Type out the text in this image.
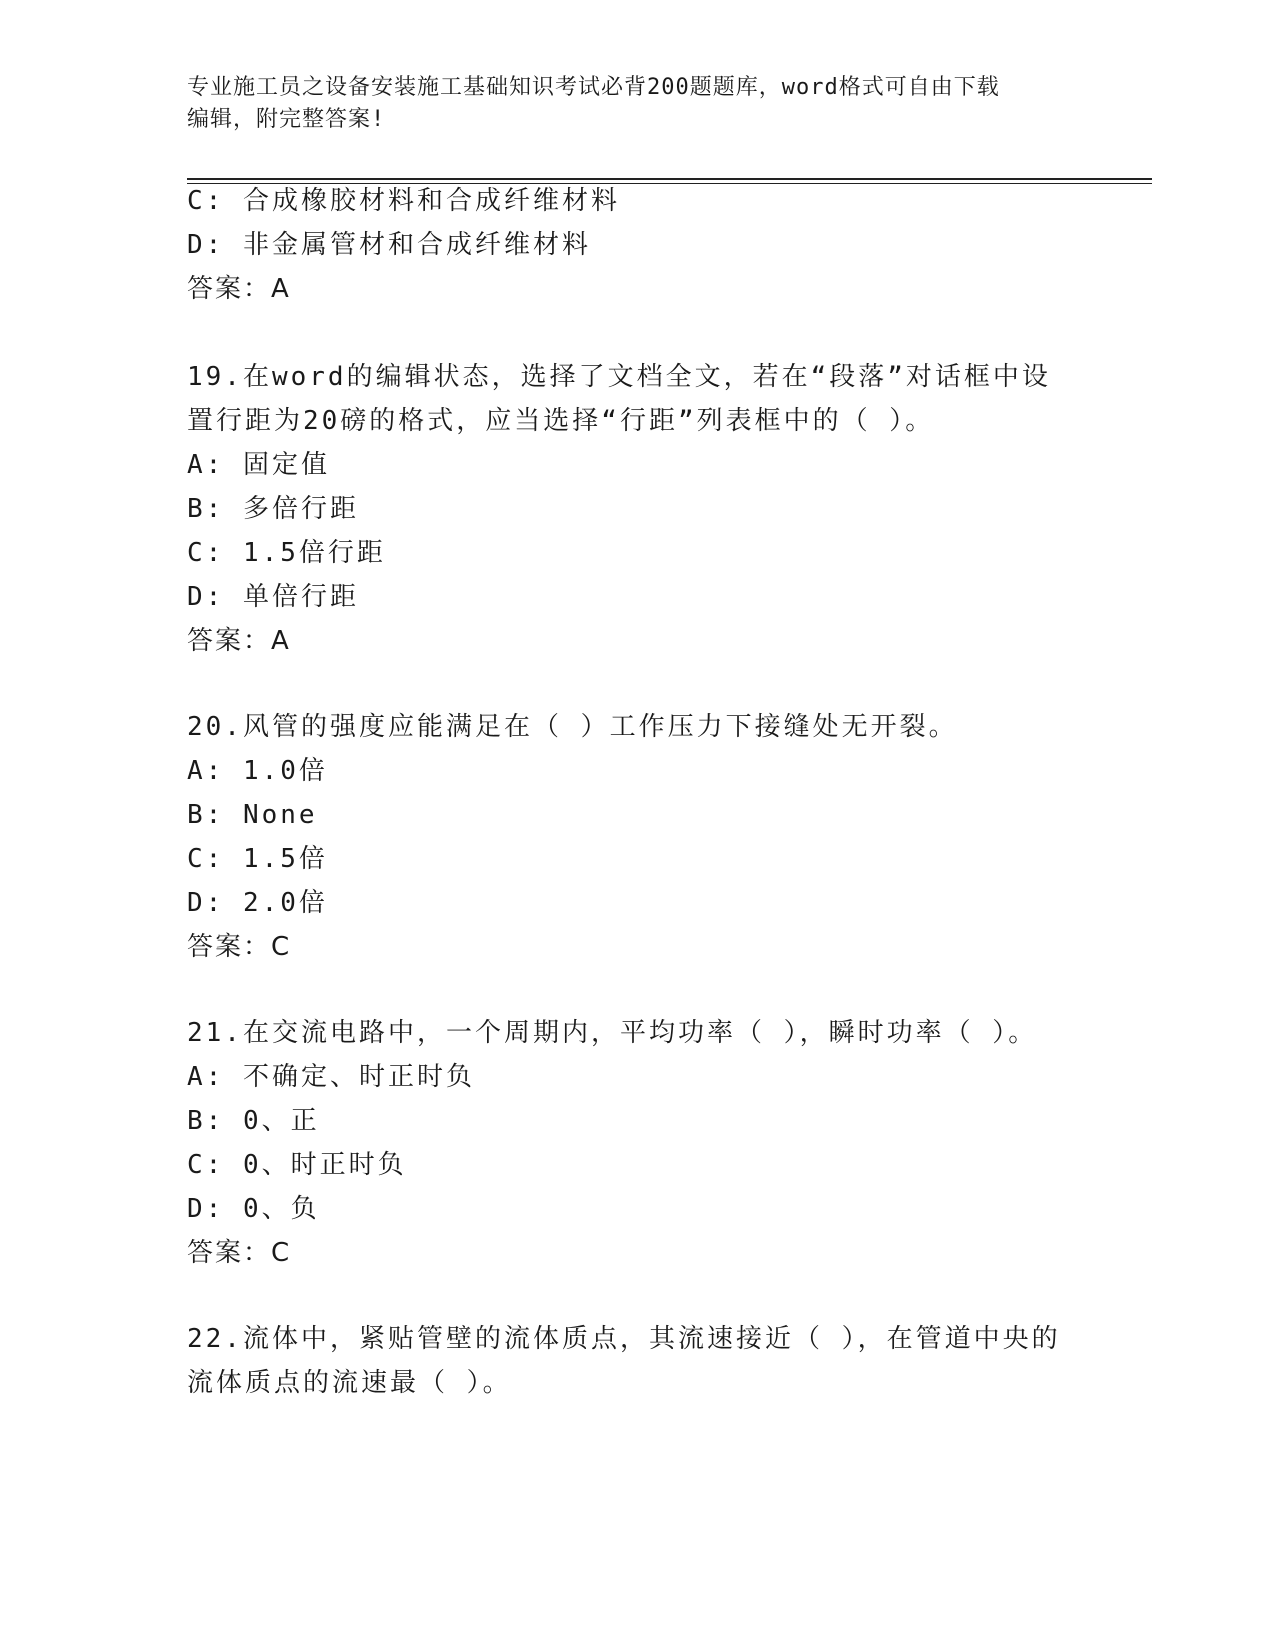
专业施工员之设备安装施工基础知识考试必背200题题库，word格式可自由下载
编辑，附完整答案!
C: 合成橡胶材料和合成纤维材料
D: 非金属管材和合成纤维材料
答案：A
19.在word的编辑状态，选择了文档全文，若在“段落”对话框中设
置行距为20磅的格式，应当选择“行距”列表框中的（ ）。
A: 固定值
B: 多倍行距
C: 1.5倍行距
D: 单倍行距
答案：A
20.风管的强度应能满足在（ ）工作压力下接缝处无开裂。
A: 1.0倍
B: None
C: 1.5倍
D: 2.0倍
答案：C
21.在交流电路中，一个周期内，平均功率（ ），瞬时功率（ ）。
A: 不确定、时正时负
B: 0、正
C: 0、时正时负
D: 0、负
答案：C
22.流体中，紧贴管壁的流体质点，其流速接近（ ），在管道中央的
流体质点的流速最（ ）。
